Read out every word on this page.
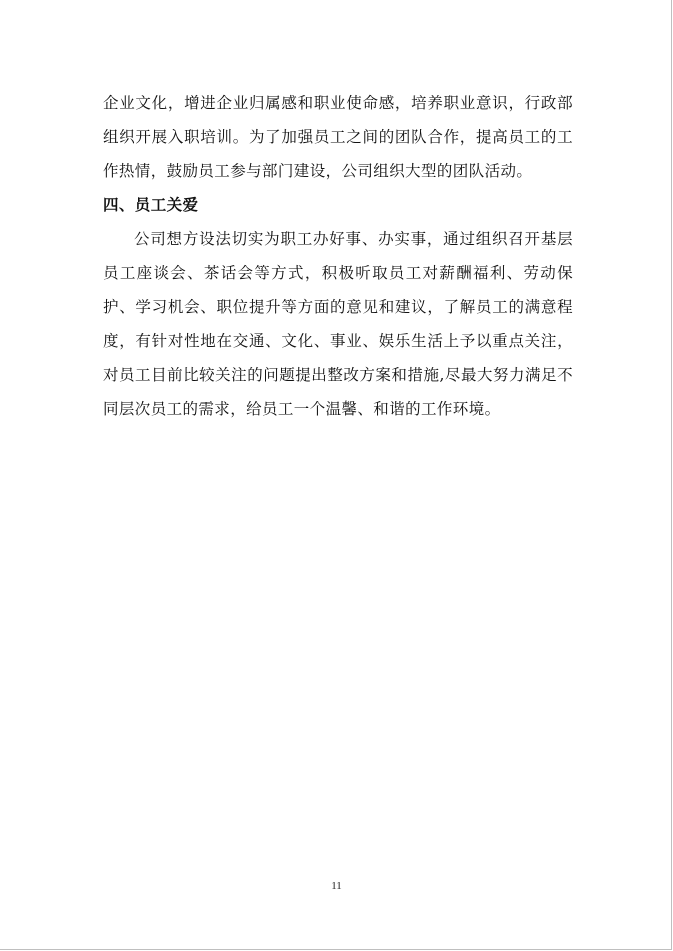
企业文化，增进企业归属感和职业使命感，培养职业意识，行政部组织开展入职培训。为了加强员工之间的团队合作，提高员工的工作热情，鼓励员工参与部门建设，公司组织大型的团队活动。

四、员工关爱

公司想方设法切实为职工办好事、办实事，通过组织召开基层员工座谈会、茶话会等方式，积极听取员工对薪酬福利、劳动保护、学习机会、职位提升等方面的意见和建议，了解员工的满意程度，有针对性地在交通、文化、事业、娱乐生活上予以重点关注，对员工目前比较关注的问题提出整改方案和措施,尽最大努力满足不同层次员工的需求，给员工一个温馨、和谐的工作环境。

11
